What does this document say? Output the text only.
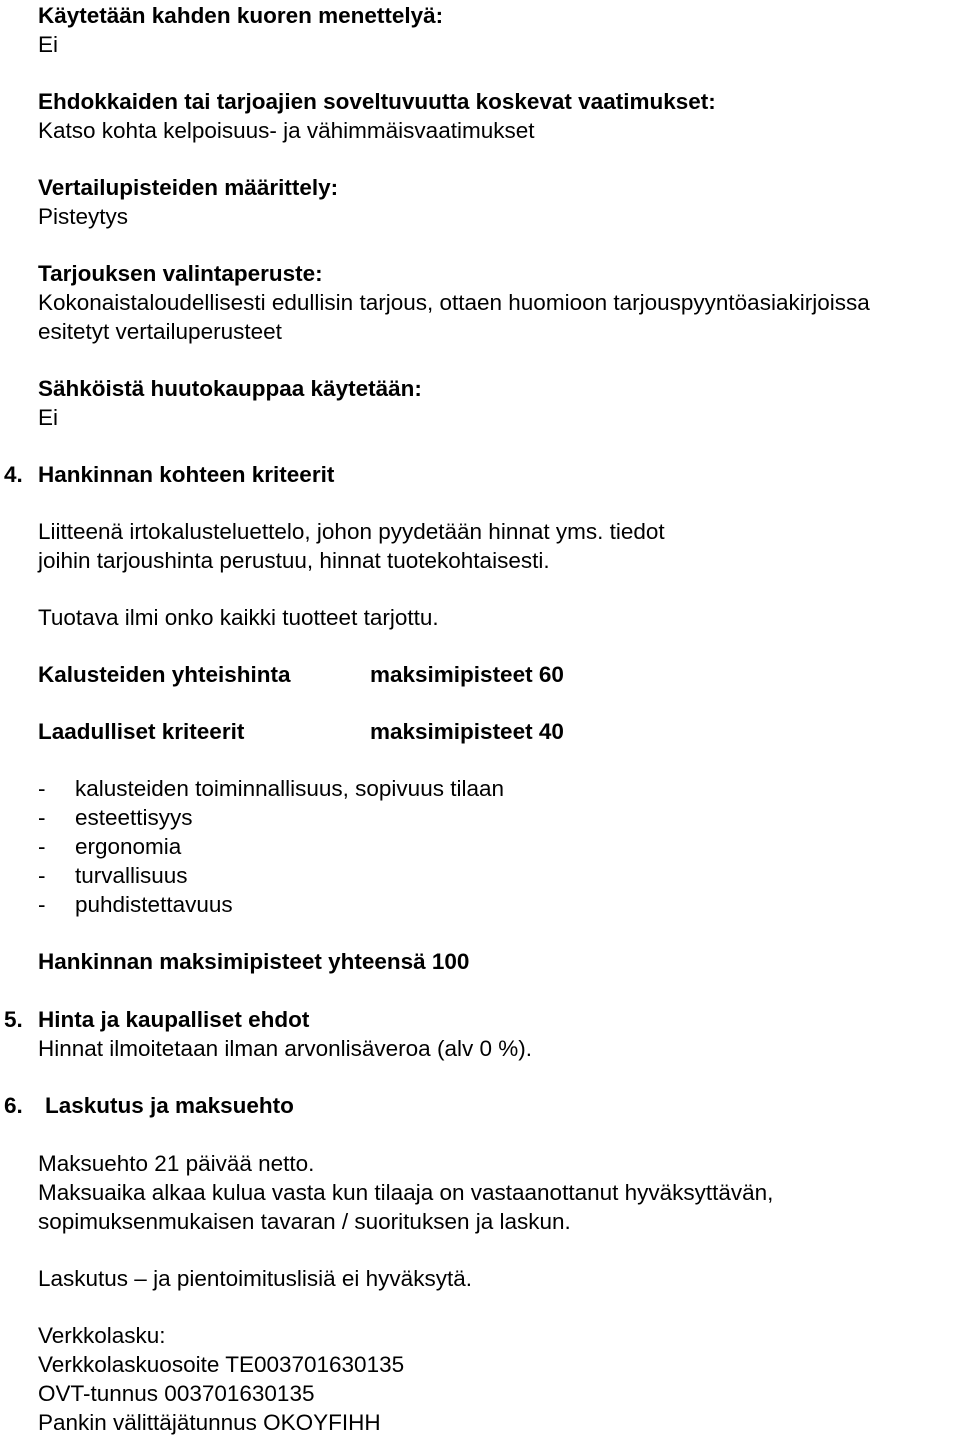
Käytetään kahden kuoren menettelyä:
Ei
Ehdokkaiden tai tarjoajien soveltuvuutta koskevat vaatimukset:
Katso kohta kelpoisuus- ja vähimmäisvaatimukset
Vertailupisteiden määrittely:
Pisteytys
Tarjouksen valintaperuste:
Kokonaistaloudellisesti edullisin tarjous, ottaen huomioon tarjouspyyntöasiakirjoissa
esitetyt vertailuperusteet
Sähköistä huutokauppaa käytetään:
Ei
4. Hankinnan kohteen kriteerit
Liitteenä irtokalusteluettelo, johon pyydetään hinnat yms. tiedot
joihin tarjoushinta perustuu, hinnat tuotekohtaisesti.
Tuotava ilmi onko kaikki tuotteet tarjottu.
Kalusteiden yhteishinta	maksimipisteet 60
Laadulliset kriteerit	maksimipisteet 40
- kalusteiden toiminnallisuus, sopivuus tilaan
- esteettisyys
- ergonomia
- turvallisuus
- puhdistettavuus
Hankinnan maksimipisteet yhteensä 100
5. Hinta ja kaupalliset ehdot
Hinnat ilmoitetaan ilman arvonlisäveroa (alv 0 %).
6. Laskutus ja maksuehto
Maksuehto 21 päivää netto.
Maksuaika alkaa kulua vasta kun tilaaja on vastaanottanut hyväksyttävän,
sopimuksenmukaisen tavaran / suorituksen ja laskun.
Laskutus – ja pientoimituslisiä ei hyväksytä.
Verkkolasku:
Verkkolaskuosoite TE003701630135
OVT-tunnus 003701630135
Pankin välittäjätunnus OKOYFIHH
